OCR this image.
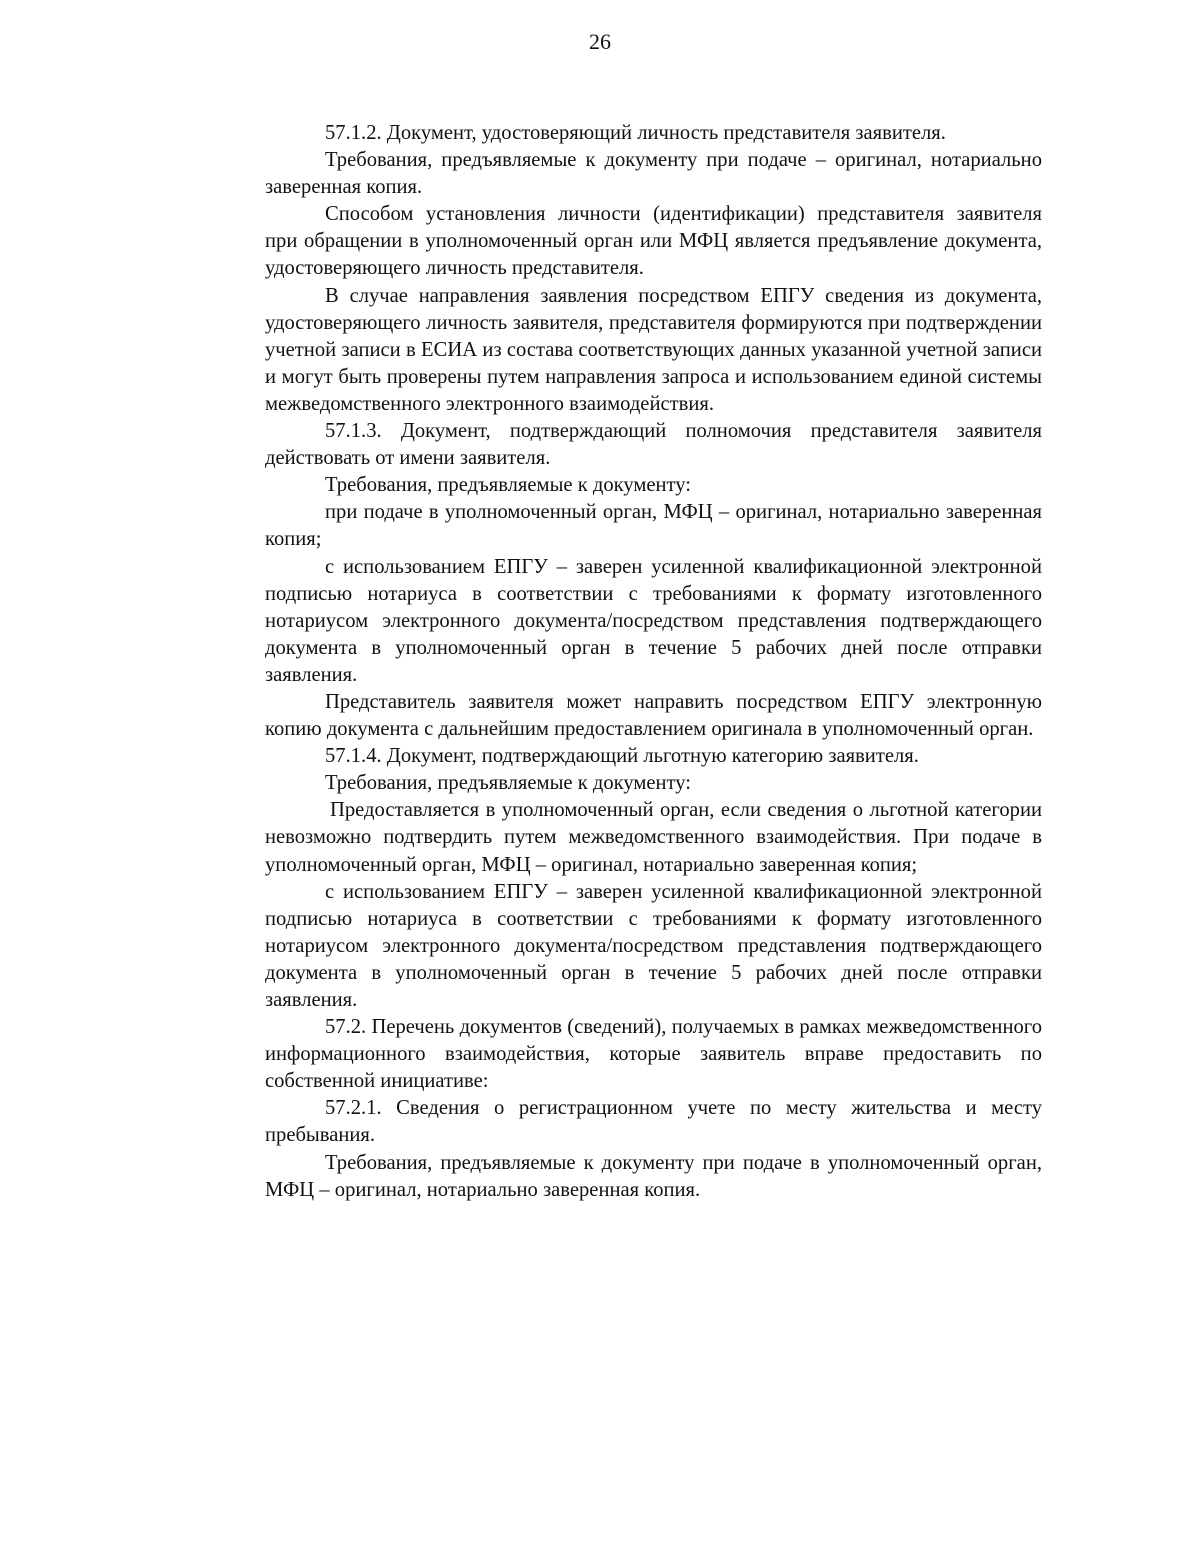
26

57.1.2. Документ, удостоверяющий личность представителя заявителя.

Требования, предъявляемые к документу при подаче – оригинал, нотариально заверенная копия.

Способом установления личности (идентификации) представителя заявителя при обращении в уполномоченный орган или МФЦ является предъявление документа, удостоверяющего личность представителя.

В случае направления заявления посредством ЕПГУ сведения из документа, удостоверяющего личность заявителя, представителя формируются при подтверждении учетной записи в ЕСИА из состава соответствующих данных указанной учетной записи и могут быть проверены путем направления запроса и использованием единой системы межведомственного электронного взаимодействия.

57.1.3. Документ, подтверждающий полномочия представителя заявителя действовать от имени заявителя.

Требования, предъявляемые к документу:

при подаче в уполномоченный орган, МФЦ – оригинал, нотариально заверенная копия;

с использованием ЕПГУ – заверен усиленной квалификационной электронной подписью нотариуса в соответствии с требованиями к формату изготовленного нотариусом электронного документа/посредством представления подтверждающего документа в уполномоченный орган в течение 5 рабочих дней после отправки заявления.

Представитель заявителя может направить посредством ЕПГУ электронную копию документа с дальнейшим предоставлением оригинала в уполномоченный орган.

57.1.4. Документ, подтверждающий льготную категорию заявителя.

Требования, предъявляемые к документу:

Предоставляется в уполномоченный орган, если сведения о льготной категории невозможно подтвердить путем межведомственного взаимодействия. При подаче в уполномоченный орган, МФЦ – оригинал, нотариально заверенная копия;

с использованием ЕПГУ – заверен усиленной квалификационной электронной подписью нотариуса в соответствии с требованиями к формату изготовленного нотариусом электронного документа/посредством представления подтверждающего документа в уполномоченный орган в течение 5 рабочих дней после отправки заявления.

57.2. Перечень документов (сведений), получаемых в рамках межведомственного информационного взаимодействия, которые заявитель вправе предоставить по собственной инициативе:

57.2.1. Сведения о регистрационном учете по месту жительства и месту пребывания.

Требования, предъявляемые к документу при подаче в уполномоченный орган, МФЦ – оригинал, нотариально заверенная копия.
